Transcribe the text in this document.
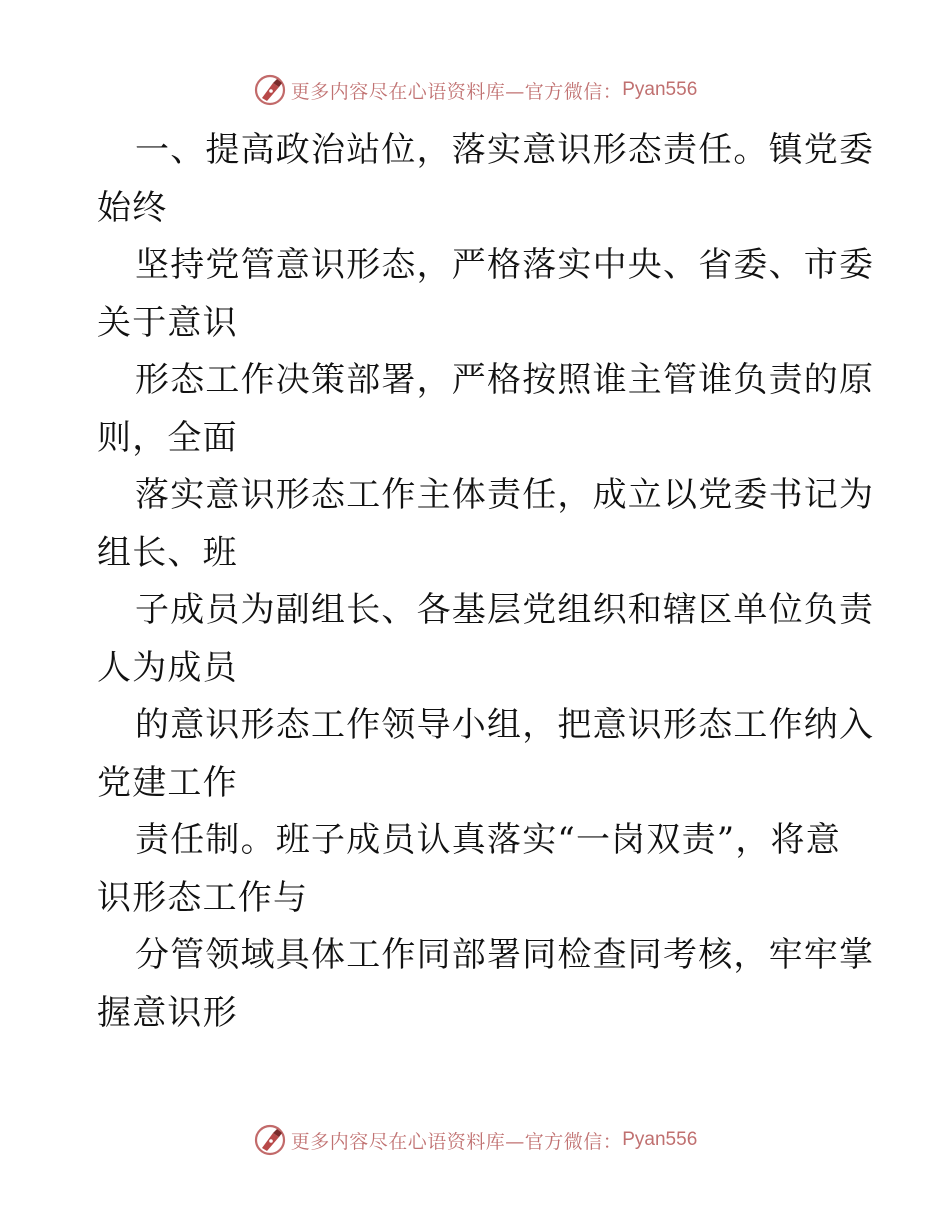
更多内容尽在心语资料库—官方微信： Pyan556
一、提高政治站位，落实意识形态责任。镇党委
始终
坚持党管意识形态，严格落实中央、省委、市委
关于意识
形态工作决策部署，严格按照谁主管谁负责的原
则，全面
落实意识形态工作主体责任，成立以党委书记为
组长、班
子成员为副组长、各基层党组织和辖区单位负责
人为成员
的意识形态工作领导小组，把意识形态工作纳入
党建工作
责任制。班子成员认真落实“一岗双责”，将意
识形态工作与
分管领域具体工作同部署同检查同考核，牢牢掌
握意识形
更多内容尽在心语资料库—官方微信： Pyan556
